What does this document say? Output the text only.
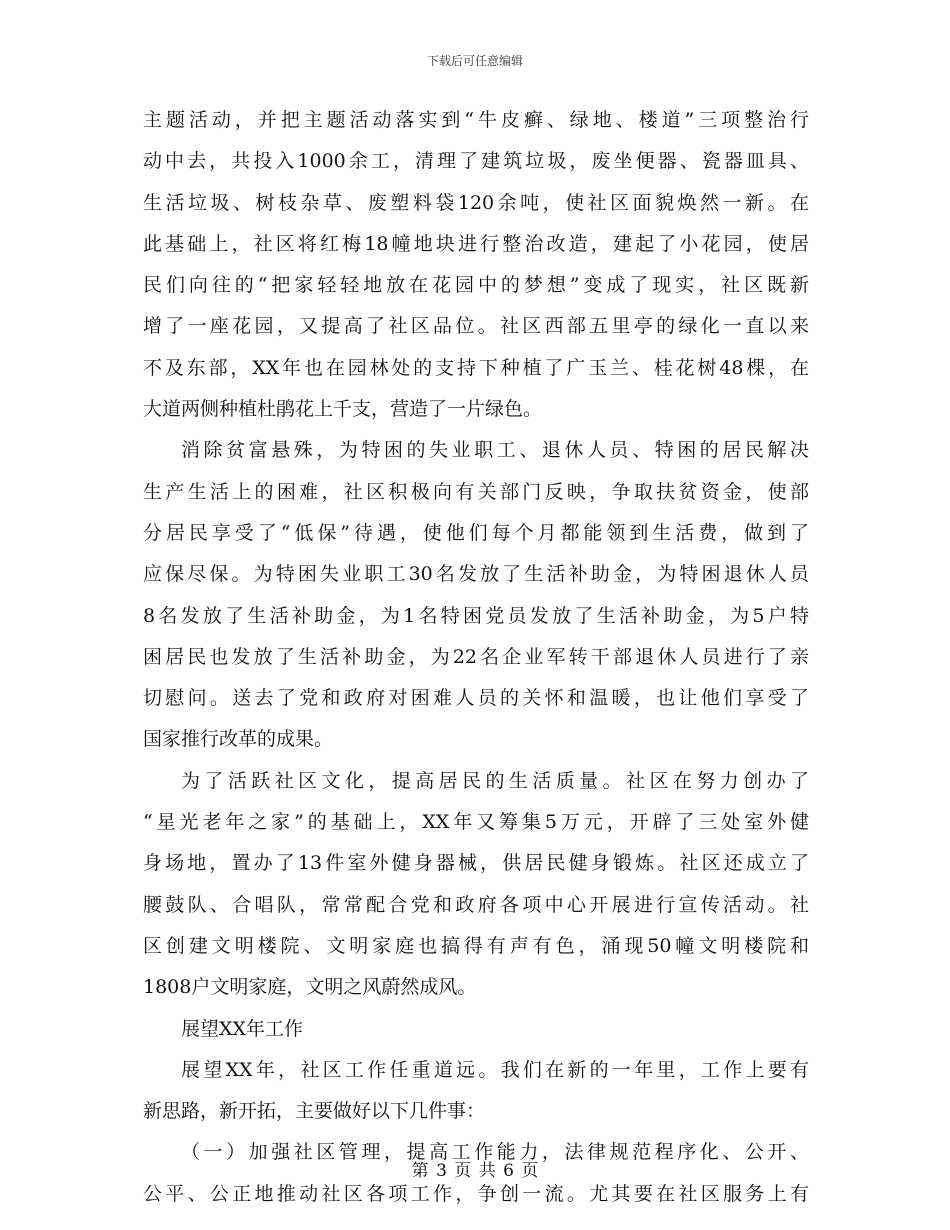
下载后可任意编辑
主题活动，并把主题活动落实到“牛皮癣、绿地、楼道”三项整治行
动中去，共投入1000余工，清理了建筑垃圾，废坐便器、瓷器皿具、
生活垃圾、树枝杂草、废塑料袋120余吨，使社区面貌焕然一新。在
此基础上，社区将红梅18幢地块进行整治改造，建起了小花园，使居
民们向往的“把家轻轻地放在花园中的梦想”变成了现实，社区既新
增了一座花园，又提高了社区品位。社区西部五里亭的绿化一直以来
不及东部，XX年也在园林处的支持下种植了广玉兰、桂花树48棵，在
大道两侧种植杜鹃花上千支，营造了一片绿色。
消除贫富悬殊，为特困的失业职工、退休人员、特困的居民解决
生产生活上的困难，社区积极向有关部门反映，争取扶贫资金，使部
分居民享受了“低保”待遇，使他们每个月都能领到生活费，做到了
应保尽保。为特困失业职工30名发放了生活补助金，为特困退休人员
8名发放了生活补助金，为1名特困党员发放了生活补助金，为5户特
困居民也发放了生活补助金，为22名企业军转干部退休人员进行了亲
切慰问。送去了党和政府对困难人员的关怀和温暖，也让他们享受了
国家推行改革的成果。
为了活跃社区文化，提高居民的生活质量。社区在努力创办了
“星光老年之家”的基础上，XX年又筹集5万元，开辟了三处室外健
身场地，置办了13件室外健身器械，供居民健身锻炼。社区还成立了
腰鼓队、合唱队，常常配合党和政府各项中心开展进行宣传活动。社
区创建文明楼院、文明家庭也搞得有声有色，涌现50幢文明楼院和
1808户文明家庭，文明之风蔚然成风。
展望XX年工作
展望XX年，社区工作任重道远。我们在新的一年里，工作上要有
新思路，新开拓，主要做好以下几件事：
（一）加强社区管理，提高工作能力，法律规范程序化、公开、
公平、公正地推动社区各项工作，争创一流。尤其要在社区服务上有
第 3 页 共 6 页
